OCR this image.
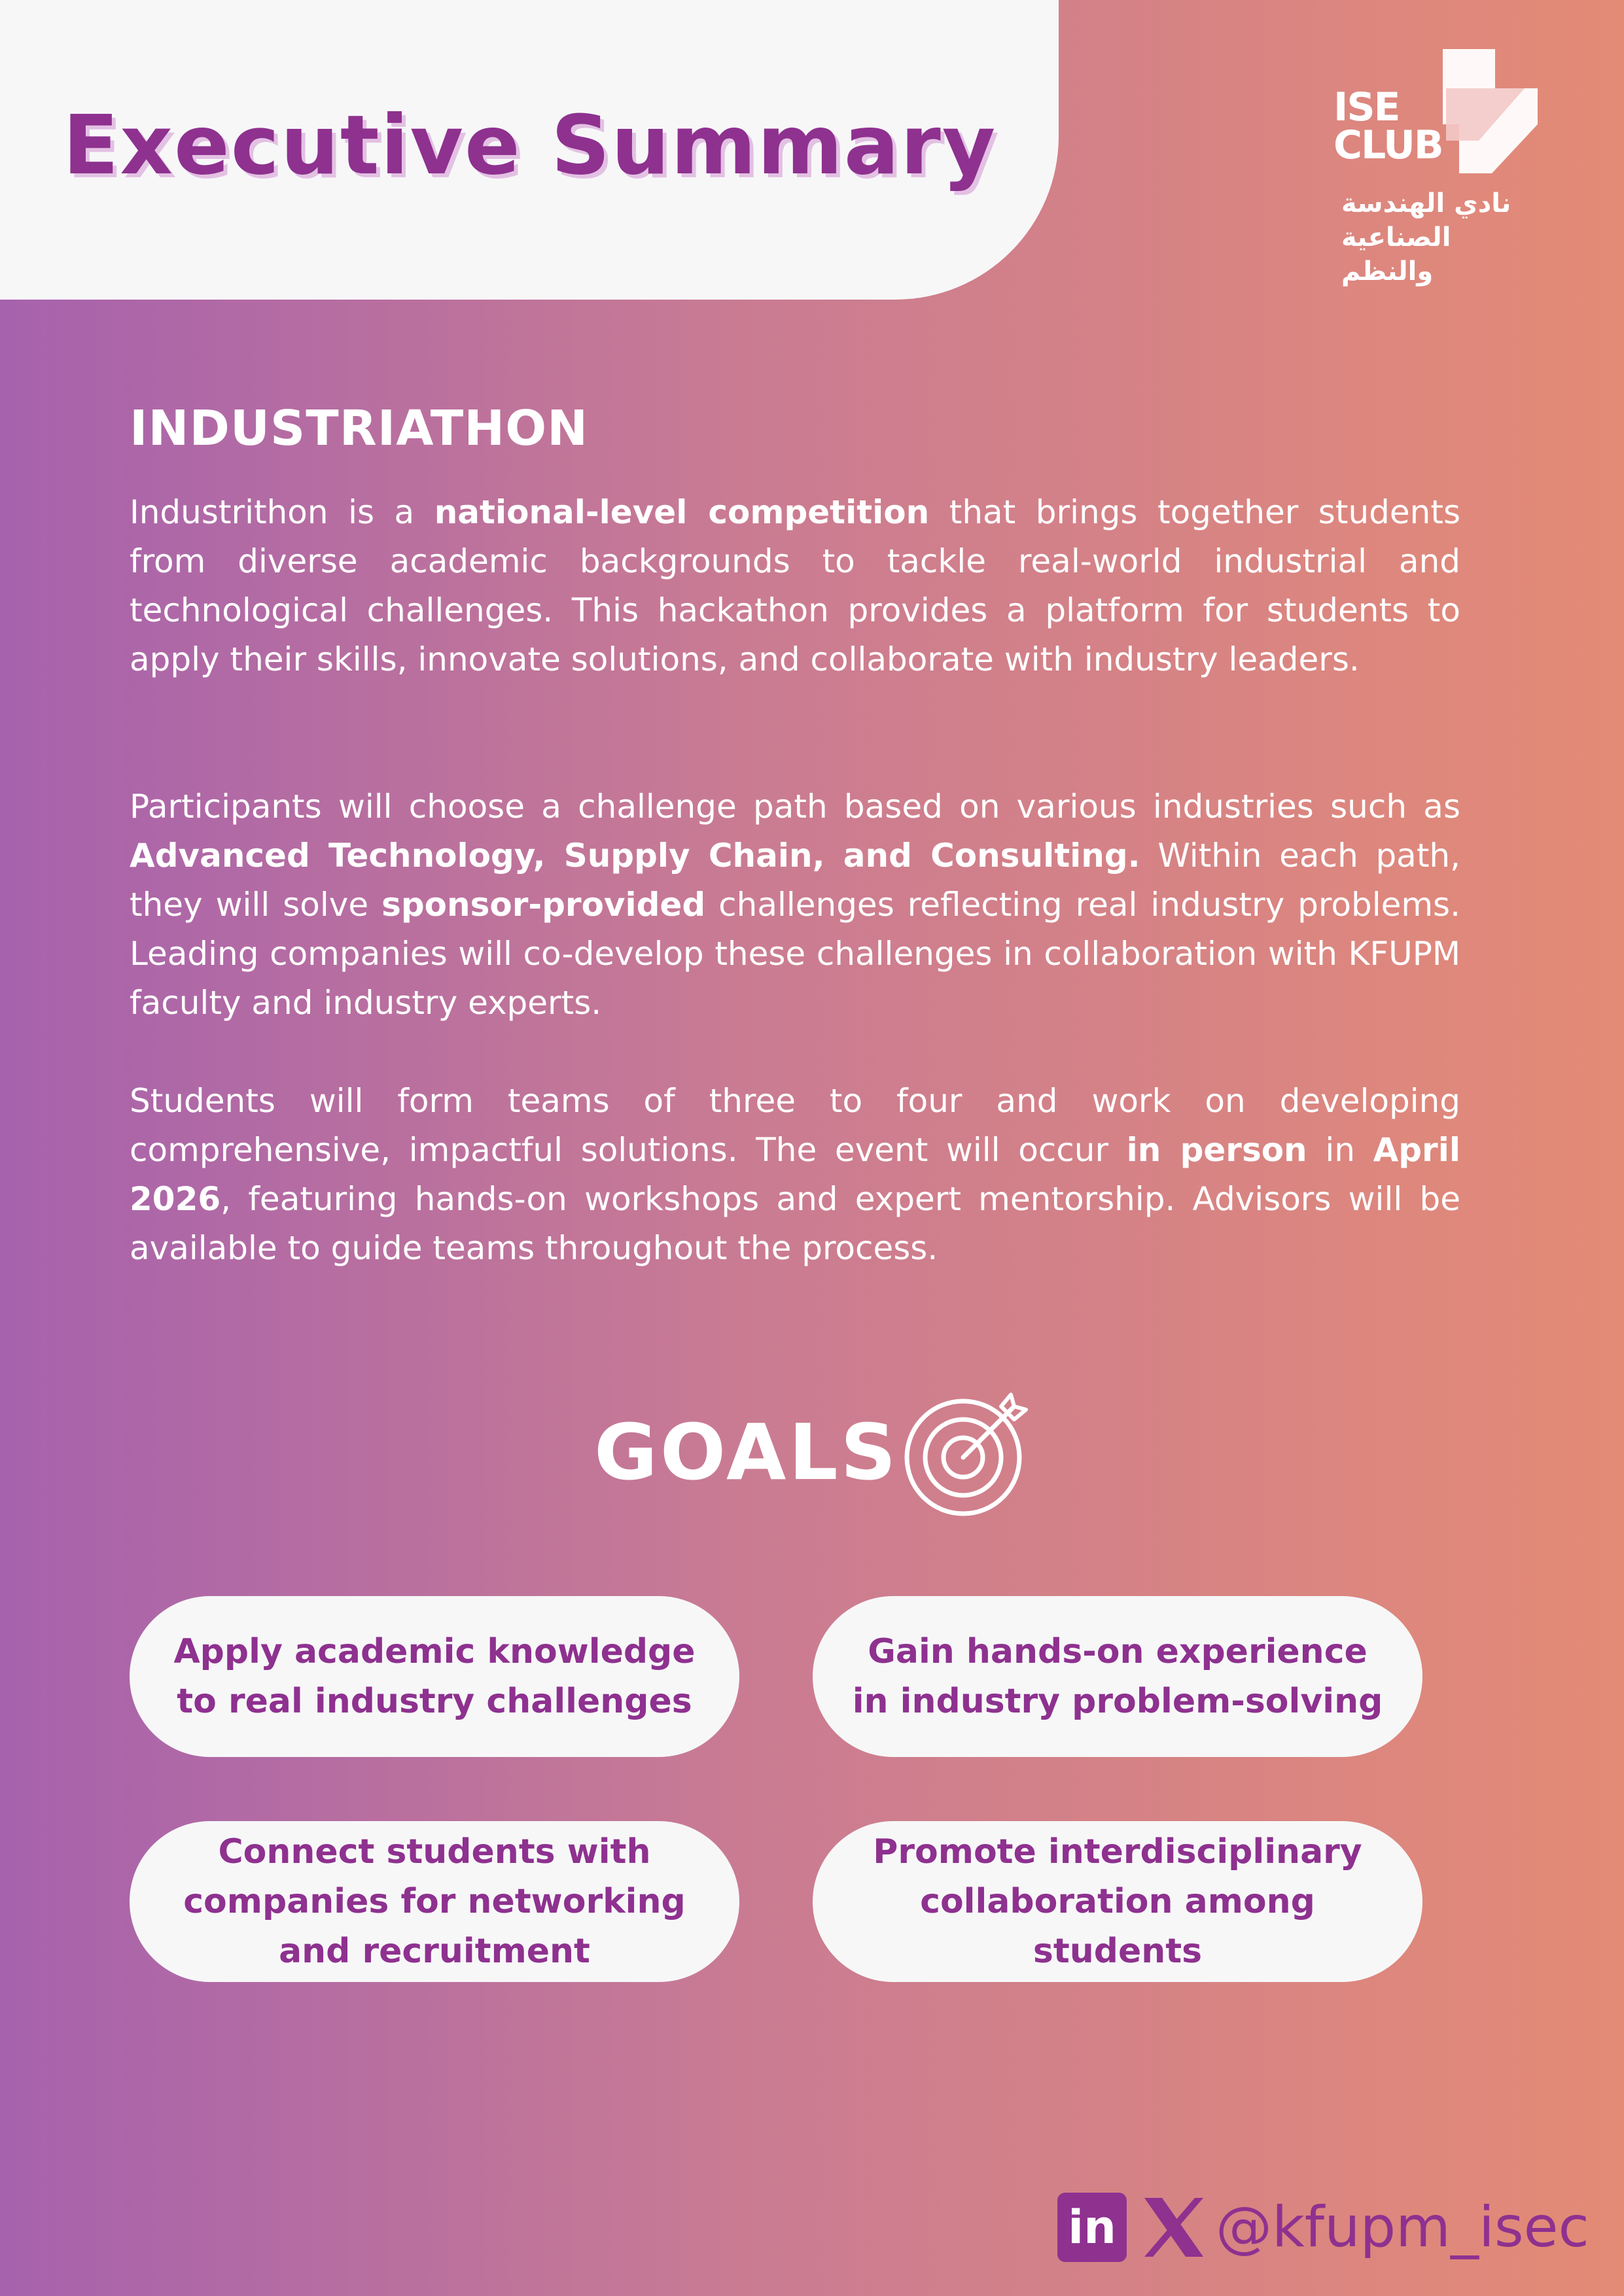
Executive Summary	ISE
CLUB
نادي الهندسة الصناعية والنظم
INDUSTRIATHON

Industrithon is a national-level competition that brings together students from diverse academic backgrounds to tackle real-world industrial and technological challenges. This hackathon provides a platform for students to apply their skills, innovate solutions, and collaborate with industry leaders.

Participants will choose a challenge path based on various industries such as Advanced Technology, Supply Chain, and Consulting. Within each path, they will solve sponsor-provided challenges reflecting real industry problems. Leading companies will co-develop these challenges in collaboration with KFUPM faculty and industry experts.

Students will form teams of three to four and work on developing comprehensive, impactful solutions. The event will occur in person in April 2026, featuring hands-on workshops and expert mentorship. Advisors will be available to guide teams throughout the process.

GOALS
Apply academic knowledge
to real industry challenges
Gain hands-on experience
in industry problem-solving
Connect students with
companies for networking
and recruitment
Promote interdisciplinary
collaboration among
students
in @kfupm_isec
